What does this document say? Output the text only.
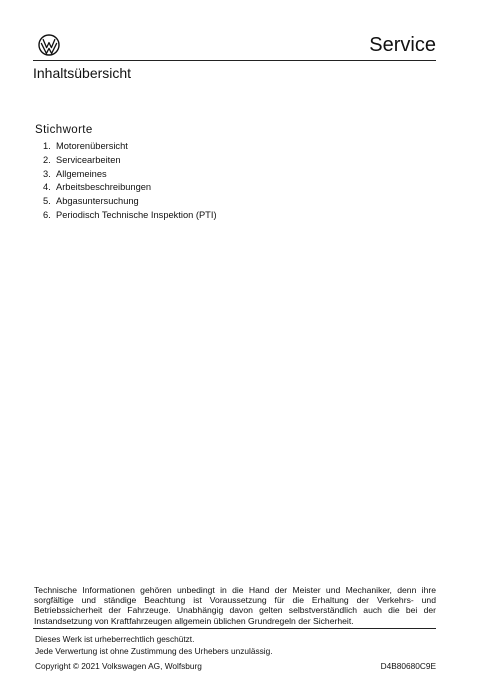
Service
Inhaltsübersicht
Stichworte
1. Motorenübersicht
2. Servicearbeiten
3. Allgemeines
4. Arbeitsbeschreibungen
5. Abgasuntersuchung
6. Periodisch Technische Inspektion (PTI)
Technische Informationen gehören unbedingt in die Hand der Meister und Mechaniker, denn ihre sorgfältige und ständige Beachtung ist Voraussetzung für die Erhaltung der Verkehrs- und Betriebssicherheit der Fahrzeuge. Unabhängig davon gelten selbstverständlich auch die bei der Instandsetzung von Kraftfahrzeugen allgemein üblichen Grundregeln der Sicherheit.
Dieses Werk ist urheberrechtlich geschützt.
Jede Verwertung ist ohne Zustimmung des Urhebers unzulässig.
Copyright © 2021 Volkswagen AG, Wolfsburg	D4B80680C9E
